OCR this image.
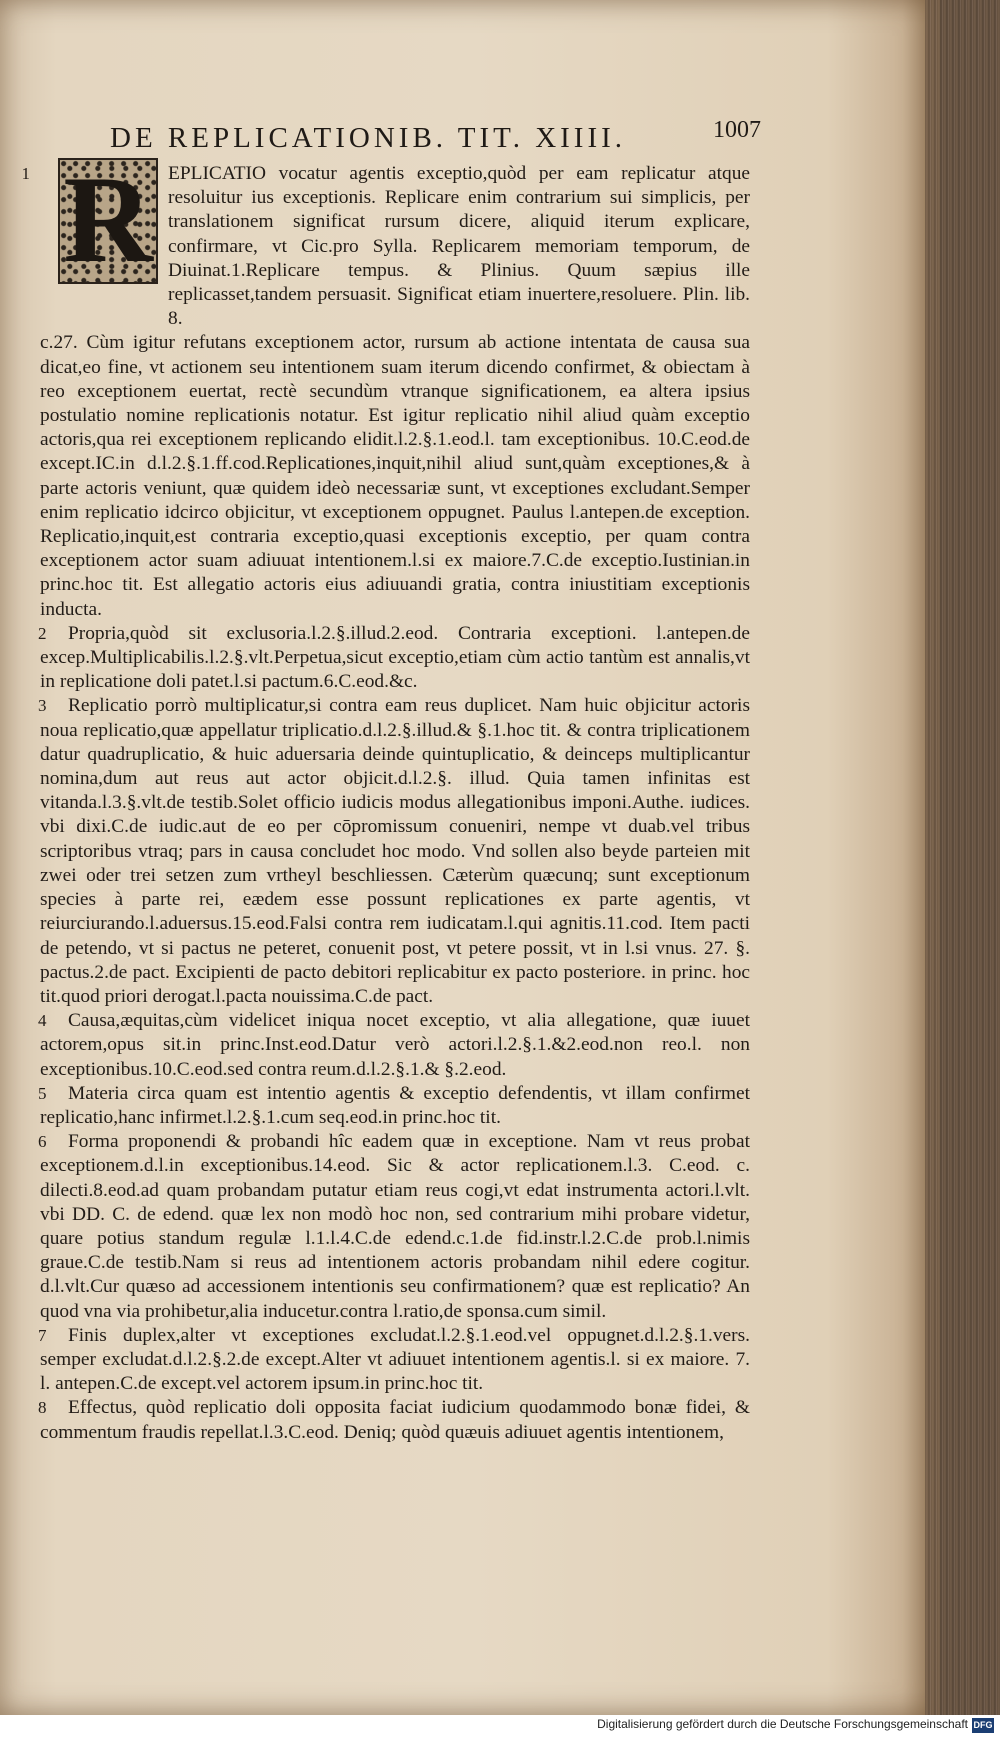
DE REPLICATIONIB. TIT. XIIII.	1007
R

1	EPLICATIO vocatur agentis exceptio,quòd per eam replicatur atque resoluitur ius exceptionis. Replicare enim contrarium sui simplicis, per translationem significat rursum dicere, aliquid iterum explicare, confirmare, vt Cic.pro Sylla. Replicarem memoriam temporum, de Diuinat.1.Replicare tempus. & Plinius. Quum sæpius ille replicasset,tandem persuasit. Significat etiam inuertere,resoluere. Plin. lib. 8.
c.27. Cùm igitur refutans exceptionem actor, rursum ab actione intentata de causa sua dicat,eo fine, vt actionem seu intentionem suam iterum dicendo confirmet, & obiectam à reo exceptionem euertat, rectè secundùm vtranque significationem, ea altera ipsius postulatio nomine replicationis notatur. Est igitur replicatio nihil aliud quàm exceptio actoris,qua rei exceptionem replicando elidit.l.2.§.1.eod.l. tam exceptionibus. 10.C.eod.de except.IC.in d.l.2.§.1.ff.cod.Replicationes,inquit,nihil aliud sunt,quàm exceptiones,& à parte actoris veniunt, quæ quidem ideò necessariæ sunt, vt exceptiones excludant.Semper enim replicatio idcirco objicitur, vt exceptionem oppugnet. Paulus l.antepen.de exception. Replicatio,inquit,est contraria exceptio,quasi exceptionis exceptio, per quam contra exceptionem actor suam adiuuat intentionem.l.si ex maiore.7.C.de exceptio.Iustinian.in princ.hoc tit. Est allegatio actoris eius adiuuandi gratia, contra iniustitiam exceptionis inducta.

2 Propria,quòd sit exclusoria.l.2.§.illud.2.eod. Contraria exceptioni. l.antepen.de excep.Multiplicabilis.l.2.§.vlt.Perpetua,sicut exceptio,etiam cùm actio tantùm est annalis,vt in replicatione doli patet.l.si pactum.6.C.eod.&c.

3 Replicatio porrò multiplicatur,si contra eam reus duplicet. Nam huic objicitur actoris noua replicatio,quæ appellatur triplicatio.d.l.2.§.illud.& §.1.hoc tit. & contra triplicationem datur quadruplicatio, & huic aduersaria deinde quintuplicatio, & deinceps multiplicantur nomina,dum aut reus aut actor objicit.d.l.2.§. illud. Quia tamen infinitas est vitanda.l.3.§.vlt.de testib.Solet officio iudicis modus allegationibus imponi.Authe. iudices. vbi dixi.C.de iudic.aut de eo per cōpromissum conueniri, nempe vt duab.vel tribus scriptoribus vtraq; pars in causa concludet hoc modo. Vnd sollen also beyde parteien mit zwei oder trei setzen zum vrtheyl beschliessen. Cæterùm quæcunq; sunt exceptionum species à parte rei, eædem esse possunt replicationes ex parte agentis, vt reiurciurando.l.aduersus.15.eod.Falsi contra rem iudicatam.l.qui agnitis.11.cod. Item pacti de petendo, vt si pactus ne peteret, conuenit post, vt petere possit, vt in l.si vnus. 27. §. pactus.2.de pact. Excipienti de pacto debitori replicabitur ex pacto posteriore. in princ. hoc tit.quod priori derogat.l.pacta nouissima.C.de pact.

4 Causa,æquitas,cùm videlicet iniqua nocet exceptio, vt alia allegatione, quæ iuuet actorem,opus sit.in princ.Inst.eod.Datur verò actori.l.2.§.1.&2.eod.non reo.l. non exceptionibus.10.C.eod.sed contra reum.d.l.2.§.1.& §.2.eod.

5 Materia circa quam est intentio agentis & exceptio defendentis, vt illam confirmet replicatio,hanc infirmet.l.2.§.1.cum seq.eod.in princ.hoc tit.

6 Forma proponendi & probandi hîc eadem quæ in exceptione. Nam vt reus probat exceptionem.d.l.in exceptionibus.14.eod. Sic & actor replicationem.l.3. C.eod. c. dilecti.8.eod.ad quam probandam putatur etiam reus cogi,vt edat instrumenta actori.l.vlt. vbi DD. C. de edend. quæ lex non modò hoc non, sed contrarium mihi probare videtur, quare potius standum regulæ l.1.l.4.C.de edend.c.1.de fid.instr.l.2.C.de prob.l.nimis graue.C.de testib.Nam si reus ad intentionem actoris probandam nihil edere cogitur. d.l.vlt.Cur quæso ad accessionem intentionis seu confirmationem? quæ est replicatio? An quod vna via prohibetur,alia inducetur.contra l.ratio,de sponsa.cum simil.

7 Finis duplex,alter vt exceptiones excludat.l.2.§.1.eod.vel oppugnet.d.l.2.§.1.vers. semper excludat.d.l.2.§.2.de except.Alter vt adiuuet intentionem agentis.l. si ex maiore. 7. l. antepen.C.de except.vel actorem ipsum.in princ.hoc tit.

8 Effectus, quòd replicatio doli opposita faciat iudicium quodammodo bonæ fidei, & commentum fraudis repellat.l.3.C.eod. Deniq; quòd quæuis adiuuet agentis intentionem,

Digitalisierung gefördert durch die Deutsche Forschungsgemeinschaft DFG
